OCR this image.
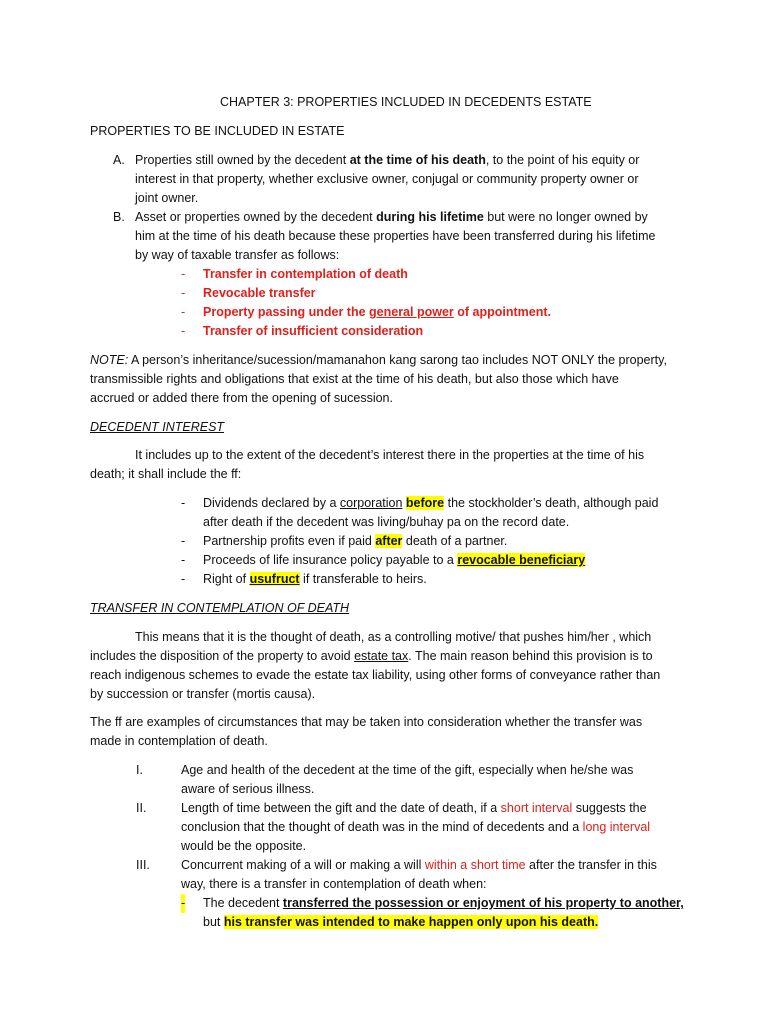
CHAPTER 3: PROPERTIES INCLUDED IN DECEDENTS ESTATE
PROPERTIES TO BE INCLUDED IN ESTATE
A. Properties still owned by the decedent at the time of his death, to the point of his equity or
interest in that property, whether exclusive owner, conjugal or community property owner or
joint owner.
B. Asset or properties owned by the decedent during his lifetime but were no longer owned by
him at the time of his death because these properties have been transferred during his lifetime
by way of taxable transfer as follows:
- Transfer in contemplation of death
- Revocable transfer
- Property passing under the general power of appointment.
- Transfer of insufficient consideration
NOTE: A person’s inheritance/sucession/mamanahon kang sarong tao includes NOT ONLY the property,
transmissible rights and obligations that exist at the time of his death, but also those which have
accrued or added there from the opening of sucession.
DECEDENT INTEREST
It includes up to the extent of the decedent’s interest there in the properties at the time of his
death; it shall include the ff:
- Dividends declared by a corporation before the stockholder’s death, although paid
after death if the decedent was living/buhay pa on the record date.
- Partnership profits even if paid after death of a partner.
- Proceeds of life insurance policy payable to a revocable beneficiary
- Right of usufruct if transferable to heirs.
TRANSFER IN CONTEMPLATION OF DEATH
This means that it is the thought of death, as a controlling motive/ that pushes him/her , which
includes the disposition of the property to avoid estate tax. The main reason behind this provision is to
reach indigenous schemes to evade the estate tax liability, using other forms of conveyance rather than
by succession or transfer (mortis causa).
The ff are examples of circumstances that may be taken into consideration whether the transfer was
made in contemplation of death.
I.	Age and health of the decedent at the time of the gift, especially when he/she was
aware of serious illness.
II.	Length of time between the gift and the date of death, if a short interval suggests the
conclusion that the thought of death was in the mind of decedents and a long interval
would be the opposite.
III. Concurrent making of a will or making a will within a short time after the transfer in this
way, there is a transfer in contemplation of death when:
- The decedent transferred the possession or enjoyment of his property to another,
but his transfer was intended to make happen only upon his death.
